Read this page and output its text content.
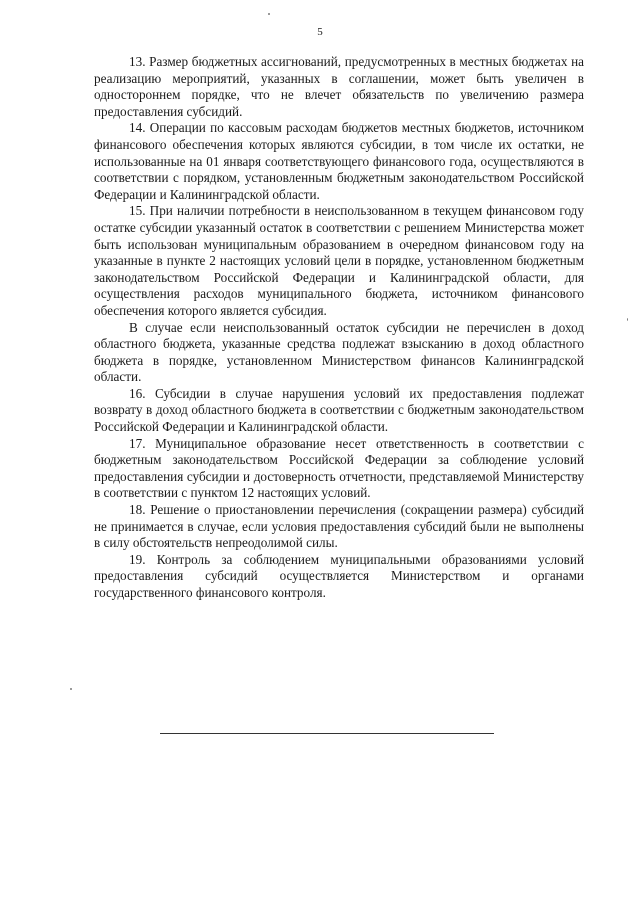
5

13. Размер бюджетных ассигнований, предусмотренных в местных бюджетах на реализацию мероприятий, указанных в соглашении, может быть увеличен в одностороннем порядке, что не влечет обязательств по увеличению размера предоставления субсидий.

14. Операции по кассовым расходам бюджетов местных бюджетов, источником финансового обеспечения которых являются субсидии, в том числе их остатки, не использованные на 01 января соответствующего финансового года, осуществляются в соответствии с порядком, установленным бюджетным законодательством Российской Федерации и Калининградской области.

15. При наличии потребности в неиспользованном в текущем финансовом году остатке субсидии указанный остаток в соответствии с решением Министерства может быть использован муниципальным образованием в очередном финансовом году на указанные в пункте 2 настоящих условий цели в порядке, установленном бюджетным законодательством Российской Федерации и Калининградской области, для осуществления расходов муниципального бюджета, источником финансового обеспечения которого является субсидия.

В случае если неиспользованный остаток субсидии не перечислен в доход областного бюджета, указанные средства подлежат взысканию в доход областного бюджета в порядке, установленном Министерством финансов Калининградской области.

16. Субсидии в случае нарушения условий их предоставления подлежат возврату в доход областного бюджета в соответствии с бюджетным законодательством Российской Федерации и Калининградской области.

17. Муниципальное образование несет ответственность в соответствии с бюджетным законодательством Российской Федерации за соблюдение условий предоставления субсидии и достоверность отчетности, представляемой Министерству в соответствии с пунктом 12 настоящих условий.

18. Решение о приостановлении перечисления (сокращении размера) субсидий не принимается в случае, если условия предоставления субсидий были не выполнены в силу обстоятельств непреодолимой силы.

19. Контроль за соблюдением муниципальными образованиями условий предоставления субсидий осуществляется Министерством и органами государственного финансового контроля.
